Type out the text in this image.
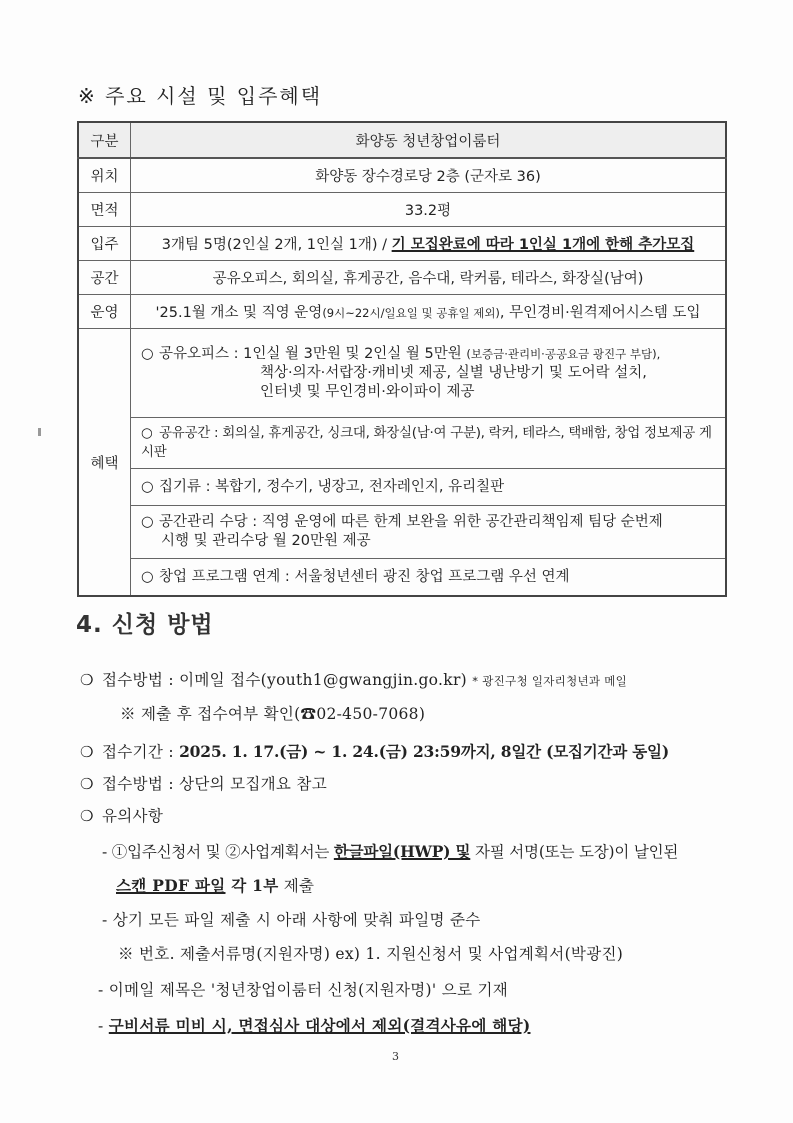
※ 주요 시설 및 입주혜택
구분	화양동 청년창업이룸터
위치	화양동 장수경로당 2층 (군자로 36)
면적	33.2평
입주	3개팀 5명(2인실 2개, 1인실 1개) / 기 모집완료에 따라 1인실 1개에 한해 추가모집
공간	공유오피스, 회의실, 휴게공간, 음수대, 락커룸, 테라스, 화장실(남여)
운영	'25.1월 개소 및 직영 운영(9시~22시/일요일 및 공휴일 제외), 무인경비·원격제어시스템 도입
혜택	○ 공유오피스 : 1인실 월 3만원 및 2인실 월 5만원 (보증금·관리비·공공요금 광진구 부담),
책상·의자·서랍장·캐비넷 제공, 실별 냉난방기 및 도어락 설치,
인터넷 및 무인경비·와이파이 제공

	○ 공유공간 : 회의실, 휴게공간, 싱크대, 화장실(남·여 구분), 락커, 테라스, 택배함, 창업 정보제공 게시판
	○ 집기류 : 복합기, 정수기, 냉장고, 전자레인지, 유리칠판

	○ 공간관리 수당 : 직영 운영에 따른 한계 보완을 위한 공간관리책임제 팀당 순번제
시행 및 관리수당 월 20만원 제공

	○ 창업 프로그램 연계 : 서울청년센터 광진 창업 프로그램 우선 연계
4. 신청 방법
❍ 접수방법 : 이메일 접수(youth1@gwangjin.go.kr) * 광진구청 일자리청년과 메일
※ 제출 후 접수여부 확인(☎02-450-7068)
❍ 접수기간 : 2025. 1. 17.(금) ~ 1. 24.(금) 23:59까지, 8일간 (모집기간과 동일)
❍ 접수방법 : 상단의 모집개요 참고
❍ 유의사항
- ①입주신청서 및 ②사업계획서는 한글파일(HWP) 및 자필 서명(또는 도장)이 날인된
스캔 PDF 파일 각 1부 제출
- 상기 모든 파일 제출 시 아래 사항에 맞춰 파일명 준수
※ 번호. 제출서류명(지원자명) ex) 1. 지원신청서 및 사업계획서(박광진)
- 이메일 제목은 '청년창업이룸터 신청(지원자명)' 으로 기재
- 구비서류 미비 시, 면접심사 대상에서 제외(결격사유에 해당)
3
